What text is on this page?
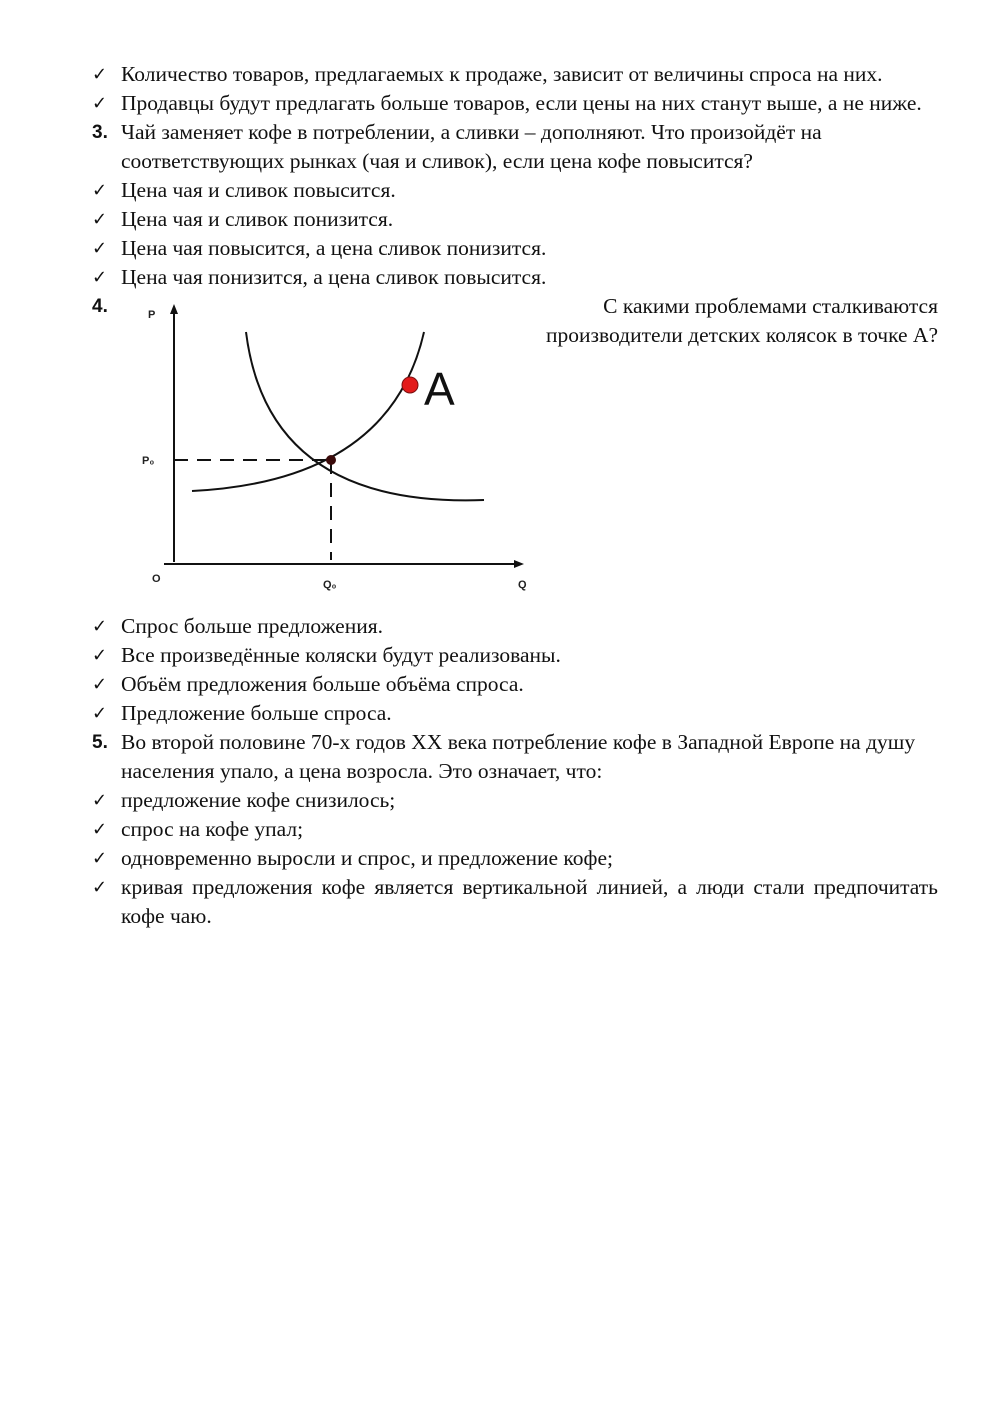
✓ Количество товаров, предлагаемых к продаже, зависит от величины спроса на них.
✓ Продавцы будут предлагать больше товаров, если цены на них станут выше, а не ниже.
3. Чай заменяет кофе в потреблении, а сливки – дополняют. Что произойдёт на соответствующих рынках (чая и сливок), если цена кофе повысится?
✓ Цена чая и сливок повысится.
✓ Цена чая и сливок понизится.
✓ Цена чая повысится, а цена сливок понизится.
✓ Цена чая понизится, а цена сливок повысится.
4.	С какими проблемами сталкиваются производители детских колясок в точке А?
P
O	Q
P₀
Q₀
A
✓ Спрос больше предложения.
✓ Все произведённые коляски будут реализованы.
✓ Объём предложения больше объёма спроса.
✓ Предложение больше спроса.
5. Во второй половине 70-х годов XX века потребление кофе в Западной Европе на душу населения упало, а цена возросла. Это означает, что:
✓ предложение кофе снизилось;
✓ спрос на кофе упал;
✓ одновременно выросли и спрос, и предложение кофе;
✓ кривая предложения кофе является вертикальной линией, а люди стали предпочитать кофе чаю.
